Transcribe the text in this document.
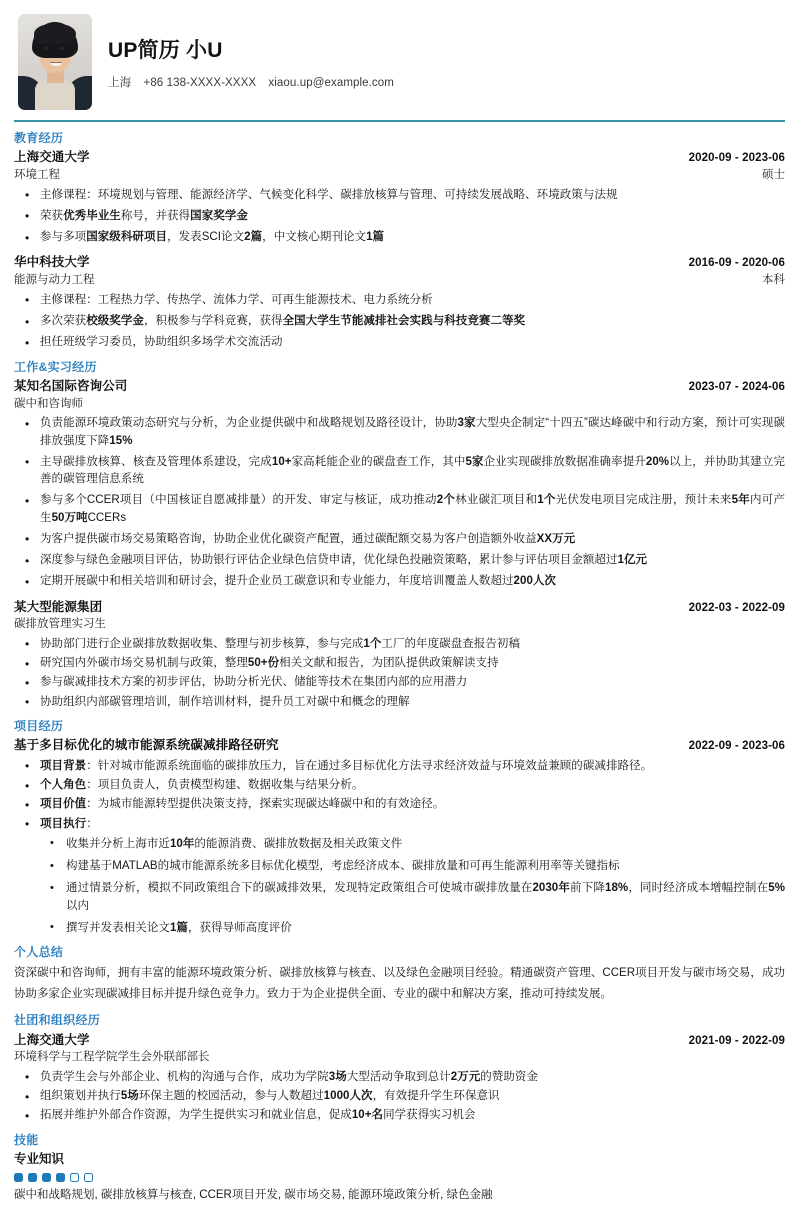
UP简历 小U
上海 +86 138-XXXX-XXXX xiaou.up@example.com
教育经历
上海交通大学	2020-09 - 2023-06
环境工程	硕士
• 主修课程：环境规划与管理、能源经济学、气候变化科学、碳排放核算与管理、可持续发展战略、环境政策与法规
• 荣获优秀毕业生称号，并获得国家奖学金
• 参与多项国家级科研项目，发表SCI论文2篇，中文核心期刊论文1篇
华中科技大学	2016-09 - 2020-06
能源与动力工程	本科
• 主修课程：工程热力学、传热学、流体力学、可再生能源技术、电力系统分析
• 多次荣获校级奖学金，积极参与学科竞赛，获得全国大学生节能减排社会实践与科技竞赛二等奖
• 担任班级学习委员，协助组织多场学术交流活动
工作&实习经历
某知名国际咨询公司	2023-07 - 2024-06
碳中和咨询师
• 负责能源环境政策动态研究与分析，为企业提供碳中和战略规划及路径设计，协助3家大型央企制定“十四五”碳达峰碳中和行动方案，预计可实现碳排放强度下降15%
• 主导碳排放核算、核查及管理体系建设，完成10+家高耗能企业的碳盘查工作，其中5家企业实现碳排放数据准确率提升20%以上，并协助其建立完善的碳管理信息系统
• 参与多个CCER项目（中国核证自愿减排量）的开发、审定与核证，成功推动2个林业碳汇项目和1个光伏发电项目完成注册，预计未来5年内可产生50万吨CCERs
• 为客户提供碳市场交易策略咨询，协助企业优化碳资产配置，通过碳配额交易为客户创造额外收益XX万元
• 深度参与绿色金融项目评估，协助银行评估企业绿色信贷申请，优化绿色投融资策略，累计参与评估项目金额超过1亿元
• 定期开展碳中和相关培训和研讨会，提升企业员工碳意识和专业能力，年度培训覆盖人数超过200人次
某大型能源集团	2022-03 - 2022-09
碳排放管理实习生
• 协助部门进行企业碳排放数据收集、整理与初步核算，参与完成1个工厂的年度碳盘查报告初稿
• 研究国内外碳市场交易机制与政策，整理50+份相关文献和报告，为团队提供政策解读支持
• 参与碳减排技术方案的初步评估，协助分析光伏、储能等技术在集团内部的应用潜力
• 协助组织内部碳管理培训，制作培训材料，提升员工对碳中和概念的理解
项目经历
基于多目标优化的城市能源系统碳减排路径研究	2022-09 - 2023-06
• 项目背景：针对城市能源系统面临的碳排放压力，旨在通过多目标优化方法寻求经济效益与环境效益兼顾的碳减排路径。
• 个人角色：项目负责人，负责模型构建、数据收集与结果分析。
• 项目价值：为城市能源转型提供决策支持，探索实现碳达峰碳中和的有效途径。
• 项目执行：
• 收集并分析上海市近10年的能源消费、碳排放数据及相关政策文件
• 构建基于MATLAB的城市能源系统多目标优化模型，考虑经济成本、碳排放量和可再生能源利用率等关键指标
• 通过情景分析，模拟不同政策组合下的碳减排效果，发现特定政策组合可使城市碳排放量在2030年前下降18%，同时经济成本增幅控制在5%以内
• 撰写并发表相关论文1篇，获得导师高度评价
个人总结
资深碳中和咨询师，拥有丰富的能源环境政策分析、碳排放核算与核查、以及绿色金融项目经验。精通碳资产管理、CCER项目开发与碳市场交易，成功协助多家企业实现碳减排目标并提升绿色竞争力。致力于为企业提供全面、专业的碳中和解决方案，推动可持续发展。
社团和组织经历
上海交通大学	2021-09 - 2022-09
环境科学与工程学院学生会外联部部长
• 负责学生会与外部企业、机构的沟通与合作，成功为学院3场大型活动争取到总计2万元的赞助资金
• 组织策划并执行5场环保主题的校园活动，参与人数超过1000人次，有效提升学生环保意识
• 拓展并维护外部合作资源，为学生提供实习和就业信息，促成10+名同学获得实习机会
技能
专业知识
碳中和战略规划, 碳排放核算与核查, CCER项目开发, 碳市场交易, 能源环境政策分析, 绿色金融
